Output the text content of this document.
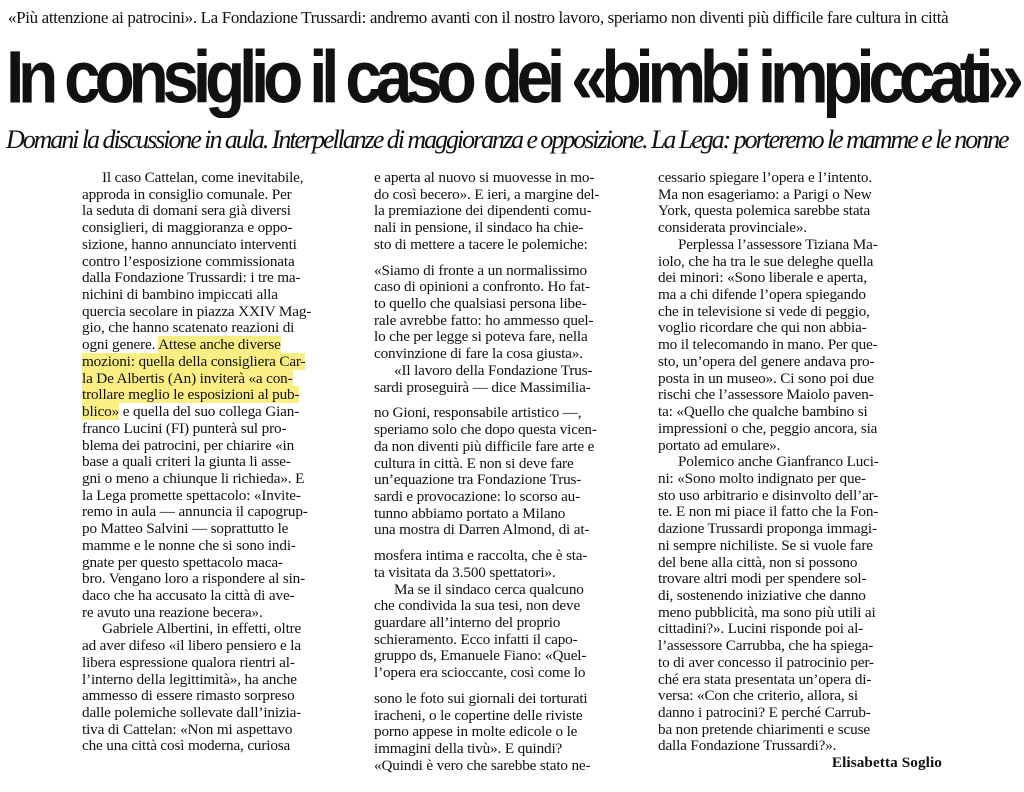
«Più attenzione ai patrocini». La Fondazione Trussardi: andremo avanti con il nostro lavoro, speriamo non diventi più difficile fare cultura in città
In consiglio il caso dei «bimbi impiccati»
Domani la discussione in aula. Interpellanze di maggioranza e opposizione. La Lega: porteremo le mamme e le nonne
Il caso Cattelan, come inevitabile,
approda in consiglio comunale. Per
la seduta di domani sera già diversi
consiglieri, di maggioranza e oppo-
sizione, hanno annunciato interventi
contro l’esposizione commissionata
dalla Fondazione Trussardi: i tre ma-
nichini di bambino impiccati alla
quercia secolare in piazza XXIV Mag-
gio, che hanno scatenato reazioni di
ogni genere. Attese anche diverse
mozioni: quella della consigliera Car-
la De Albertis (An) inviterà «a con-
trollare meglio le esposizioni al pub-
blico» e quella del suo collega Gian-
franco Lucini (FI) punterà sul pro-
blema dei patrocini, per chiarire «in
base a quali criteri la giunta li asse-
gni o meno a chiunque li richieda». E
la Lega promette spettacolo: «Invite-
remo in aula — annuncia il capogrup-
po Matteo Salvini — soprattutto le
mamme e le nonne che si sono indi-
gnate per questo spettacolo maca-
bro. Vengano loro a rispondere al sin-
daco che ha accusato la città di ave-
re avuto una reazione becera».
Gabriele Albertini, in effetti, oltre
ad aver difeso «il libero pensiero e la
libera espressione qualora rientri al-
l’interno della legittimità», ha anche
ammesso di essere rimasto sorpreso
dalle polemiche sollevate dall’inizia-
tiva di Cattelan: «Non mi aspettavo
che una città così moderna, curiosa
e aperta al nuovo si muovesse in mo-
do così becero». E ieri, a margine del-
la premiazione dei dipendenti comu-
nali in pensione, il sindaco ha chie-
sto di mettere a tacere le polemiche:
«Siamo di fronte a un normalissimo
caso di opinioni a confronto. Ho fat-
to quello che qualsiasi persona libe-
rale avrebbe fatto: ho ammesso quel-
lo che per legge si poteva fare, nella
convinzione di fare la cosa giusta».
«Il lavoro della Fondazione Trus-
sardi proseguirà — dice Massimilia-
no Gioni, responsabile artistico —,
speriamo solo che dopo questa vicen-
da non diventi più difficile fare arte e
cultura in città. E non si deve fare
un’equazione tra Fondazione Trus-
sardi e provocazione: lo scorso au-
tunno abbiamo portato a Milano
una mostra di Darren Almond, di at-
mosfera intima e raccolta, che è sta-
ta visitata da 3.500 spettatori».
Ma se il sindaco cerca qualcuno
che condivida la sua tesi, non deve
guardare all’interno del proprio
schieramento. Ecco infatti il capo-
gruppo ds, Emanuele Fiano: «Quel-
l’opera era scioccante, così come lo
sono le foto sui giornali dei torturati
iracheni, o le copertine delle riviste
porno appese in molte edicole o le
immagini della tivù». E quindi?
«Quindi è vero che sarebbe stato ne-
cessario spiegare l’opera e l’intento.
Ma non esageriamo: a Parigi o New
York, questa polemica sarebbe stata
considerata provinciale».
Perplessa l’assessore Tiziana Ma-
iolo, che ha tra le sue deleghe quella
dei minori: «Sono liberale e aperta,
ma a chi difende l’opera spiegando
che in televisione si vede di peggio,
voglio ricordare che qui non abbia-
mo il telecomando in mano. Per que-
sto, un’opera del genere andava pro-
posta in un museo». Ci sono poi due
rischi che l’assessore Maiolo paven-
ta: «Quello che qualche bambino si
impressioni o che, peggio ancora, sia
portato ad emulare».
Polemico anche Gianfranco Luci-
ni: «Sono molto indignato per que-
sto uso arbitrario e disinvolto dell’ar-
te. E non mi piace il fatto che la Fon-
dazione Trussardi proponga immagi-
ni sempre nichiliste. Se si vuole fare
del bene alla città, non si possono
trovare altri modi per spendere sol-
di, sostenendo iniziative che danno
meno pubblicità, ma sono più utili ai
cittadini?». Lucini risponde poi al-
l’assessore Carrubba, che ha spiega-
to di aver concesso il patrocinio per-
ché era stata presentata un’opera di-
versa: «Con che criterio, allora, si
danno i patrocini? E perché Carrub-
ba non pretende chiarimenti e scuse
dalla Fondazione Trussardi?».
Elisabetta Soglio
